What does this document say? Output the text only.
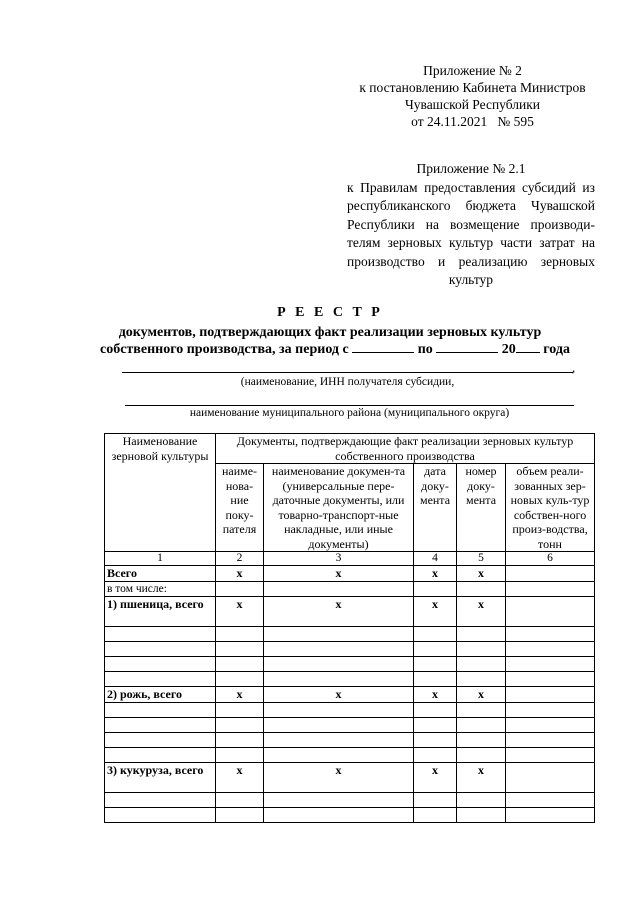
Приложение № 2
к постановлению Кабинета Министров
Чувашской Республики
от 24.11.2021   № 595
Приложение № 2.1
к Правилам предоставления субсидий из
республиканского бюджета Чувашской
Республики на возмещение производи-
телям зерновых культур части затрат на
производство и реализацию зерновых
культур
Р Е Е С Т Р
документов, подтверждающих факт реализации зерновых культур
собственного производства, за период с	по	20 года
,
(наименование, ИНН получателя субсидии,
наименование муниципального района (муниципального округа)
Наименование зерновой культуры	Документы, подтверждающие факт реализации зерновых культур собственного производства				
	наиме-нова-ние поку-пателя	наименование докумен-та (универсальные пере-даточные документы, или товарно-транспорт-ные накладные, или иные документы)	дата доку-мента	номер доку-мента	объем реали-зованных зер-новых куль-тур собствен-ного произ-водства, тонн
1	2	3	4	5	6
Всего	х	х	х	х	
в том числе:					
1) пшеница, всего	х	х	х	х	

2) рожь, всего	х	х	х	х	

3) кукуруза, всего	х	х	х	х	
